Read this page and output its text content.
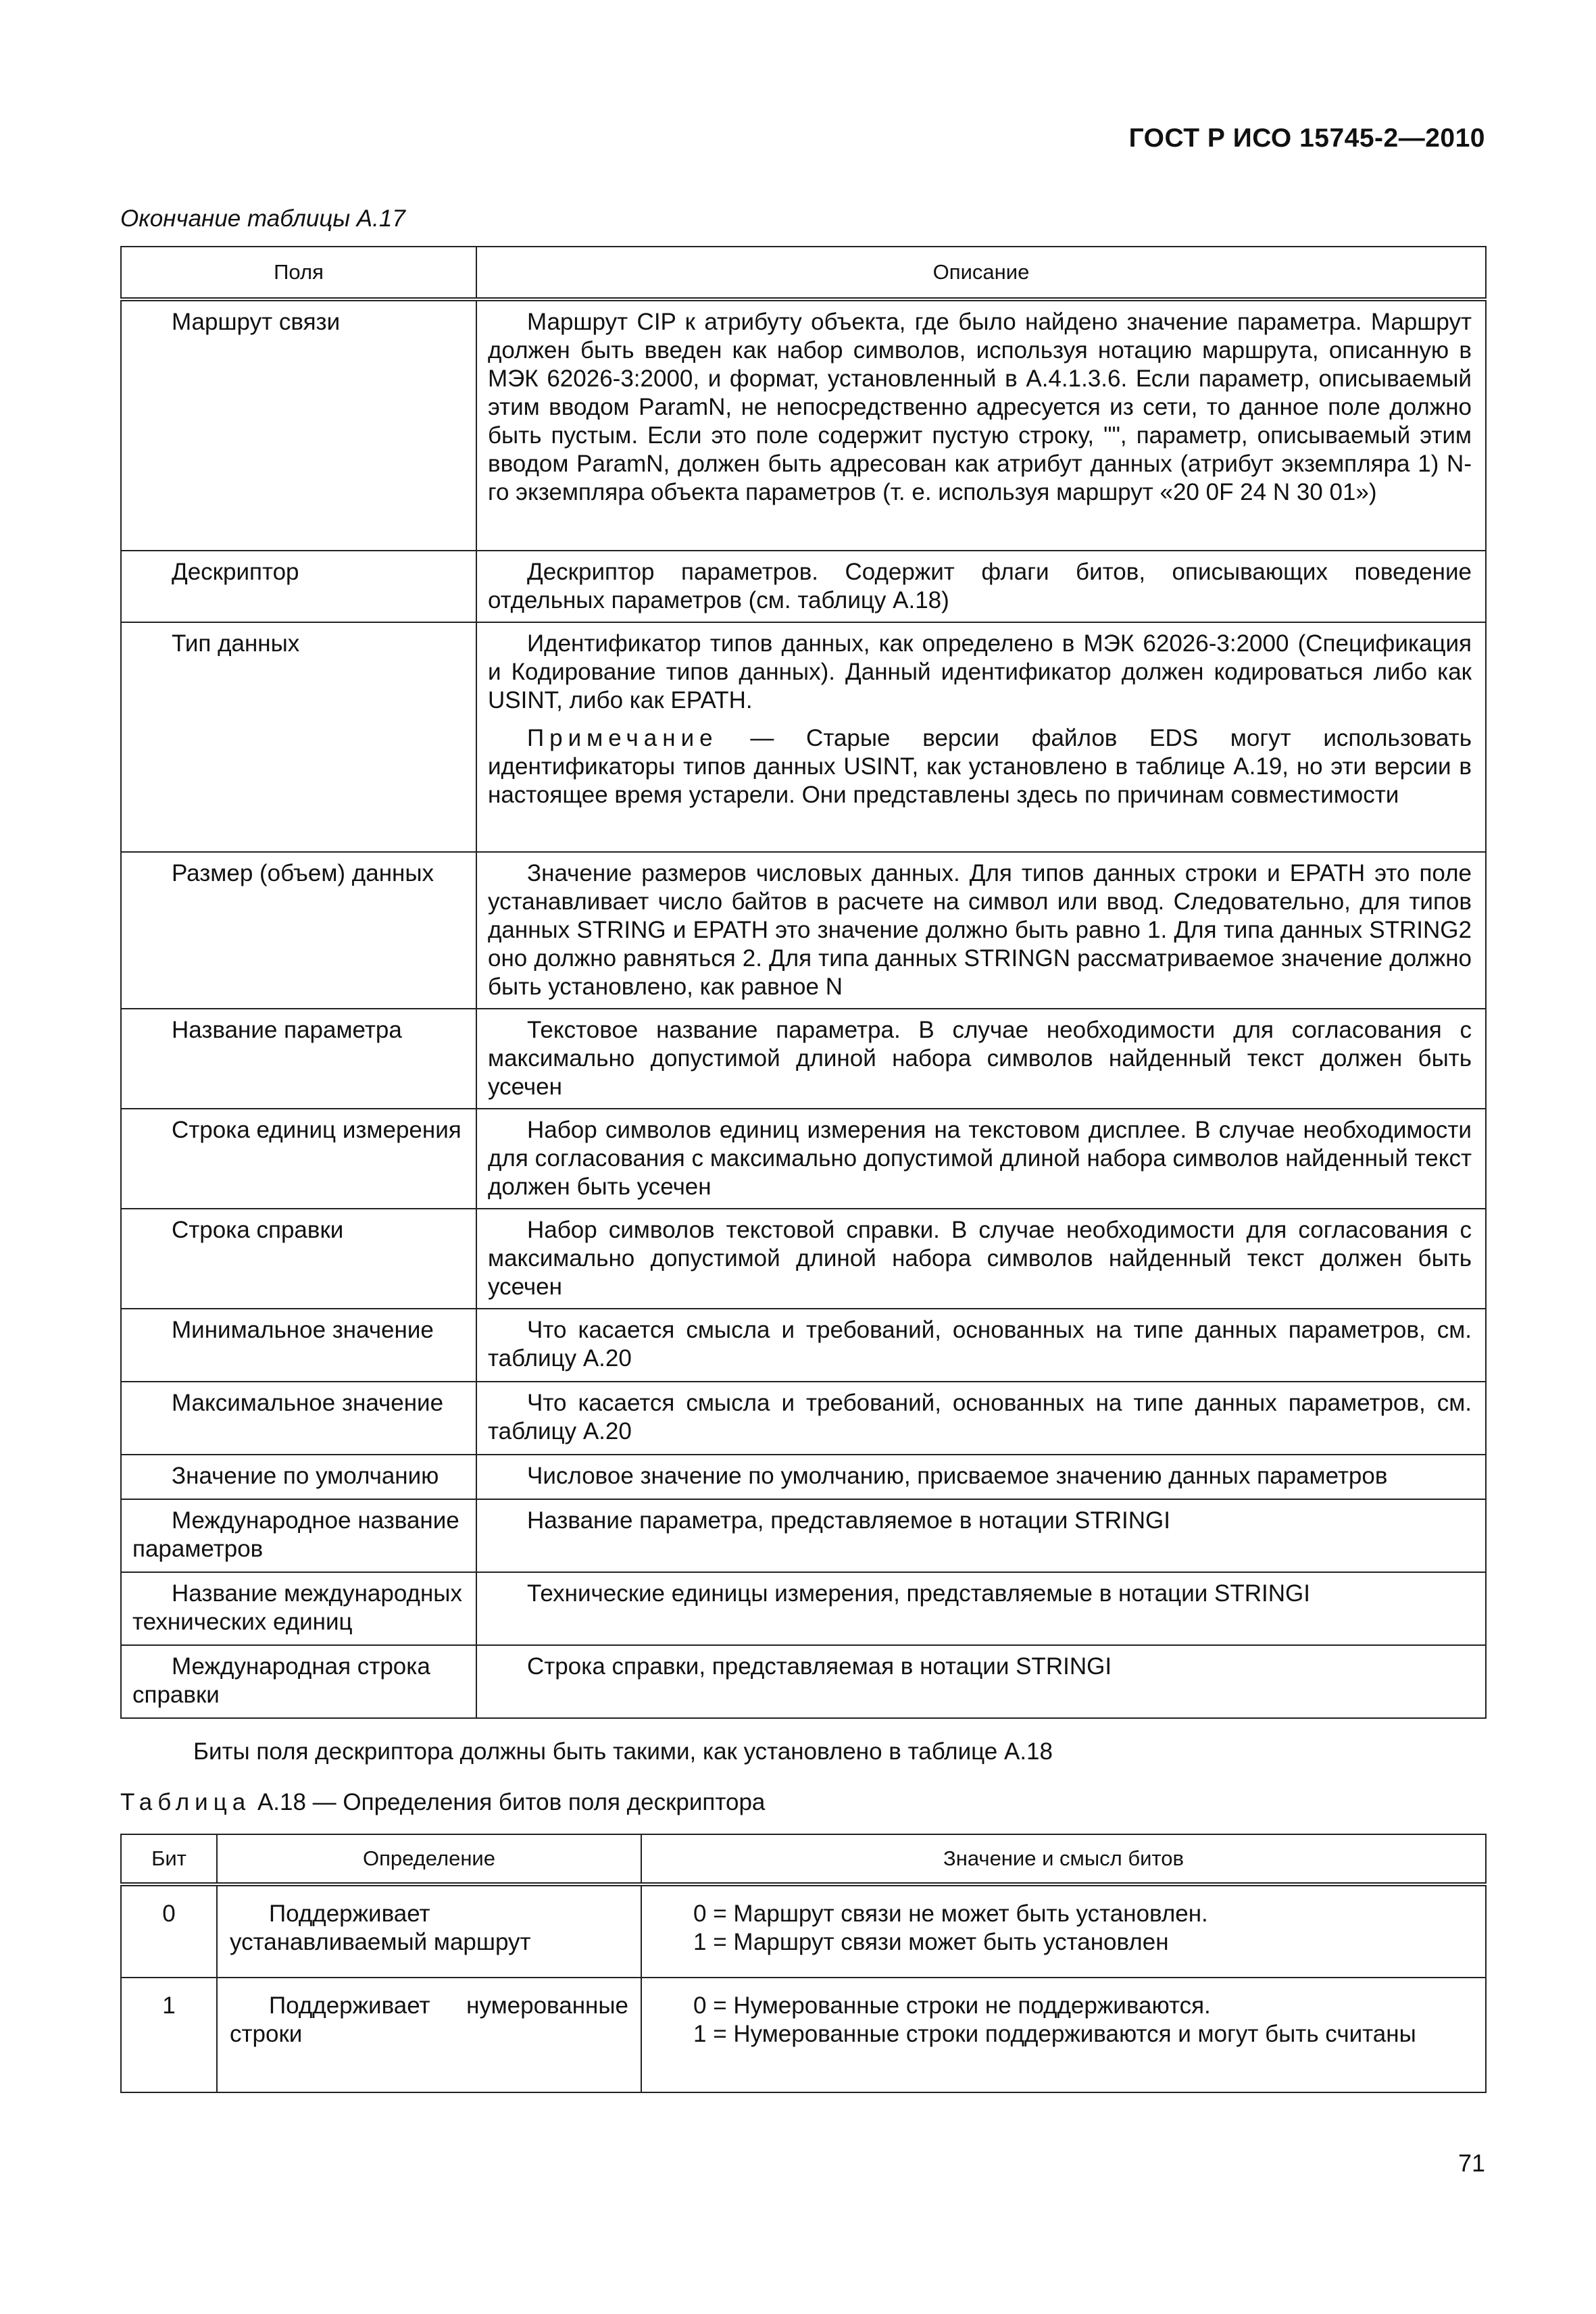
ГОСТ Р ИСО 15745-2—2010
Окончание таблицы А.17
Поля	Описание
Маршрут связи	Маршрут CIP к атрибуту объекта, где было найдено значение параметра. Маршрут должен быть введен как набор символов, используя нотацию маршрута, описанную в МЭК 62026-3:2000, и формат, установленный в А.4.1.3.6. Если параметр, описываемый этим вводом ParamN, не непосредственно адресуется из сети, то данное поле должно быть пустым. Если это поле содержит пустую строку, "", параметр, описываемый этим вводом ParamN, должен быть адресован как атрибут данных (атрибут экземпляра 1) N-го экземпляра объекта параметров (т. е. используя маршрут «20 0F 24 N 30 01»)

Дескриптор	Дескриптор параметров. Содержит флаги битов, описывающих поведение отдельных параметров (см. таблицу А.18)

Тип данных	Идентификатор типов данных, как определено в МЭК 62026-3:2000 (Спецификация и Кодирование типов данных). Данный идентификатор должен кодироваться либо как USINT, либо как EPATH.

Примечание — Старые версии файлов EDS могут использовать идентификаторы типов данных USINT, как установлено в таблице А.19, но эти версии в настоящее время устарели. Они представлены здесь по причинам совместимости

Размер (объем) данных	Значение размеров числовых данных. Для типов данных строки и EPATH это поле устанавливает число байтов в расчете на символ или ввод. Следовательно, для типов данных STRING и EPATH это значение должно быть равно 1. Для типа данных STRING2 оно должно равняться 2. Для типа данных STRINGN рассматриваемое значение должно быть установлено, как равное N

Название параметра	Текстовое название параметра. В случае необходимости для согласования с максимально допустимой длиной набора символов найденный текст должен быть усечен

Строка единиц измерения	Набор символов единиц измерения на текстовом дисплее. В случае необходимости для согласования с максимально допустимой длиной набора символов найденный текст должен быть усечен

Строка справки	Набор символов текстовой справки. В случае необходимости для согласования с максимально допустимой длиной набора символов найденный текст должен быть усечен

Минимальное значение	Что касается смысла и требований, основанных на типе данных параметров, см. таблицу А.20

Максимальное значение	Что касается смысла и требований, основанных на типе данных параметров, см. таблицу А.20

Значение по умолчанию	Числовое значение по умолчанию, присваемое значению данных параметров

Международное название параметров	Название параметра, представляемое в нотации STRINGI

Название международных технических единиц	Технические единицы измерения, представляемые в нотации STRINGI

Международная строка справки	Строка справки, представляемая в нотации STRINGI

Биты поля дескриптора должны быть такими, как установлено в таблице А.18
Таблица А.18 — Определения битов поля дескриптора
Бит	Определение	Значение и смысл битов
0	Поддерживает устанавливаемый маршрут	0 = Маршрут связи не может быть установлен.

1 = Маршрут связи может быть установлен

1	Поддерживает нумерованные строки	0 = Нумерованные строки не поддерживаются.

1 = Нумерованные строки поддерживаются и могут быть считаны

71
